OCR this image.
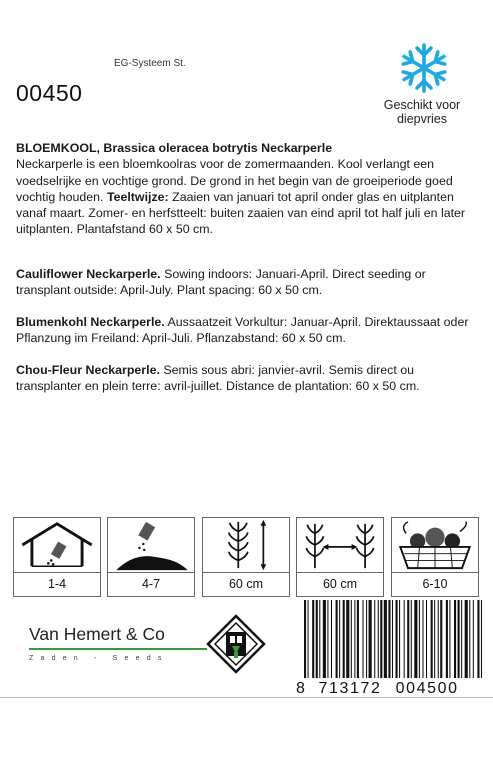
EG-Systeem St.
00450	Geschikt voor
diepvries
BLOEMKOOL, Brassica oleracea botrytis Neckarperle
Neckarperle is een bloemkoolras voor de zomermaanden. Kool verlangt een voedselrijke en vochtige grond. De grond in het begin van de groeiperiode goed vochtig houden. Teeltwijze: Zaaien van januari tot april onder glas en uitplanten vanaf maart. Zomer- en herfstteelt: buiten zaaien van eind april tot half juli en later uitplanten. Plantafstand 60 x 50 cm.
Cauliflower Neckarperle. Sowing indoors: Januari-April. Direct seeding or transplant outside: April-July. Plant spacing: 60 x 50 cm.
Blumenkohl Neckarperle. Aussaatzeit Vorkultur: Januar-April. Direktaussaat oder Pflanzung im Freiland: April-Juli. Pflanzabstand: 60 x 50 cm.
Chou-Fleur Neckarperle. Semis sous abri: janvier-avril. Semis direct ou transplanter en plein terre: avril-juillet. Distance de plantation: 60 x 50 cm.
1-4	4-7	60 cm	60 cm	6-10
Van Hemert & Co
Zaden - Seeds
8 713172 004500
